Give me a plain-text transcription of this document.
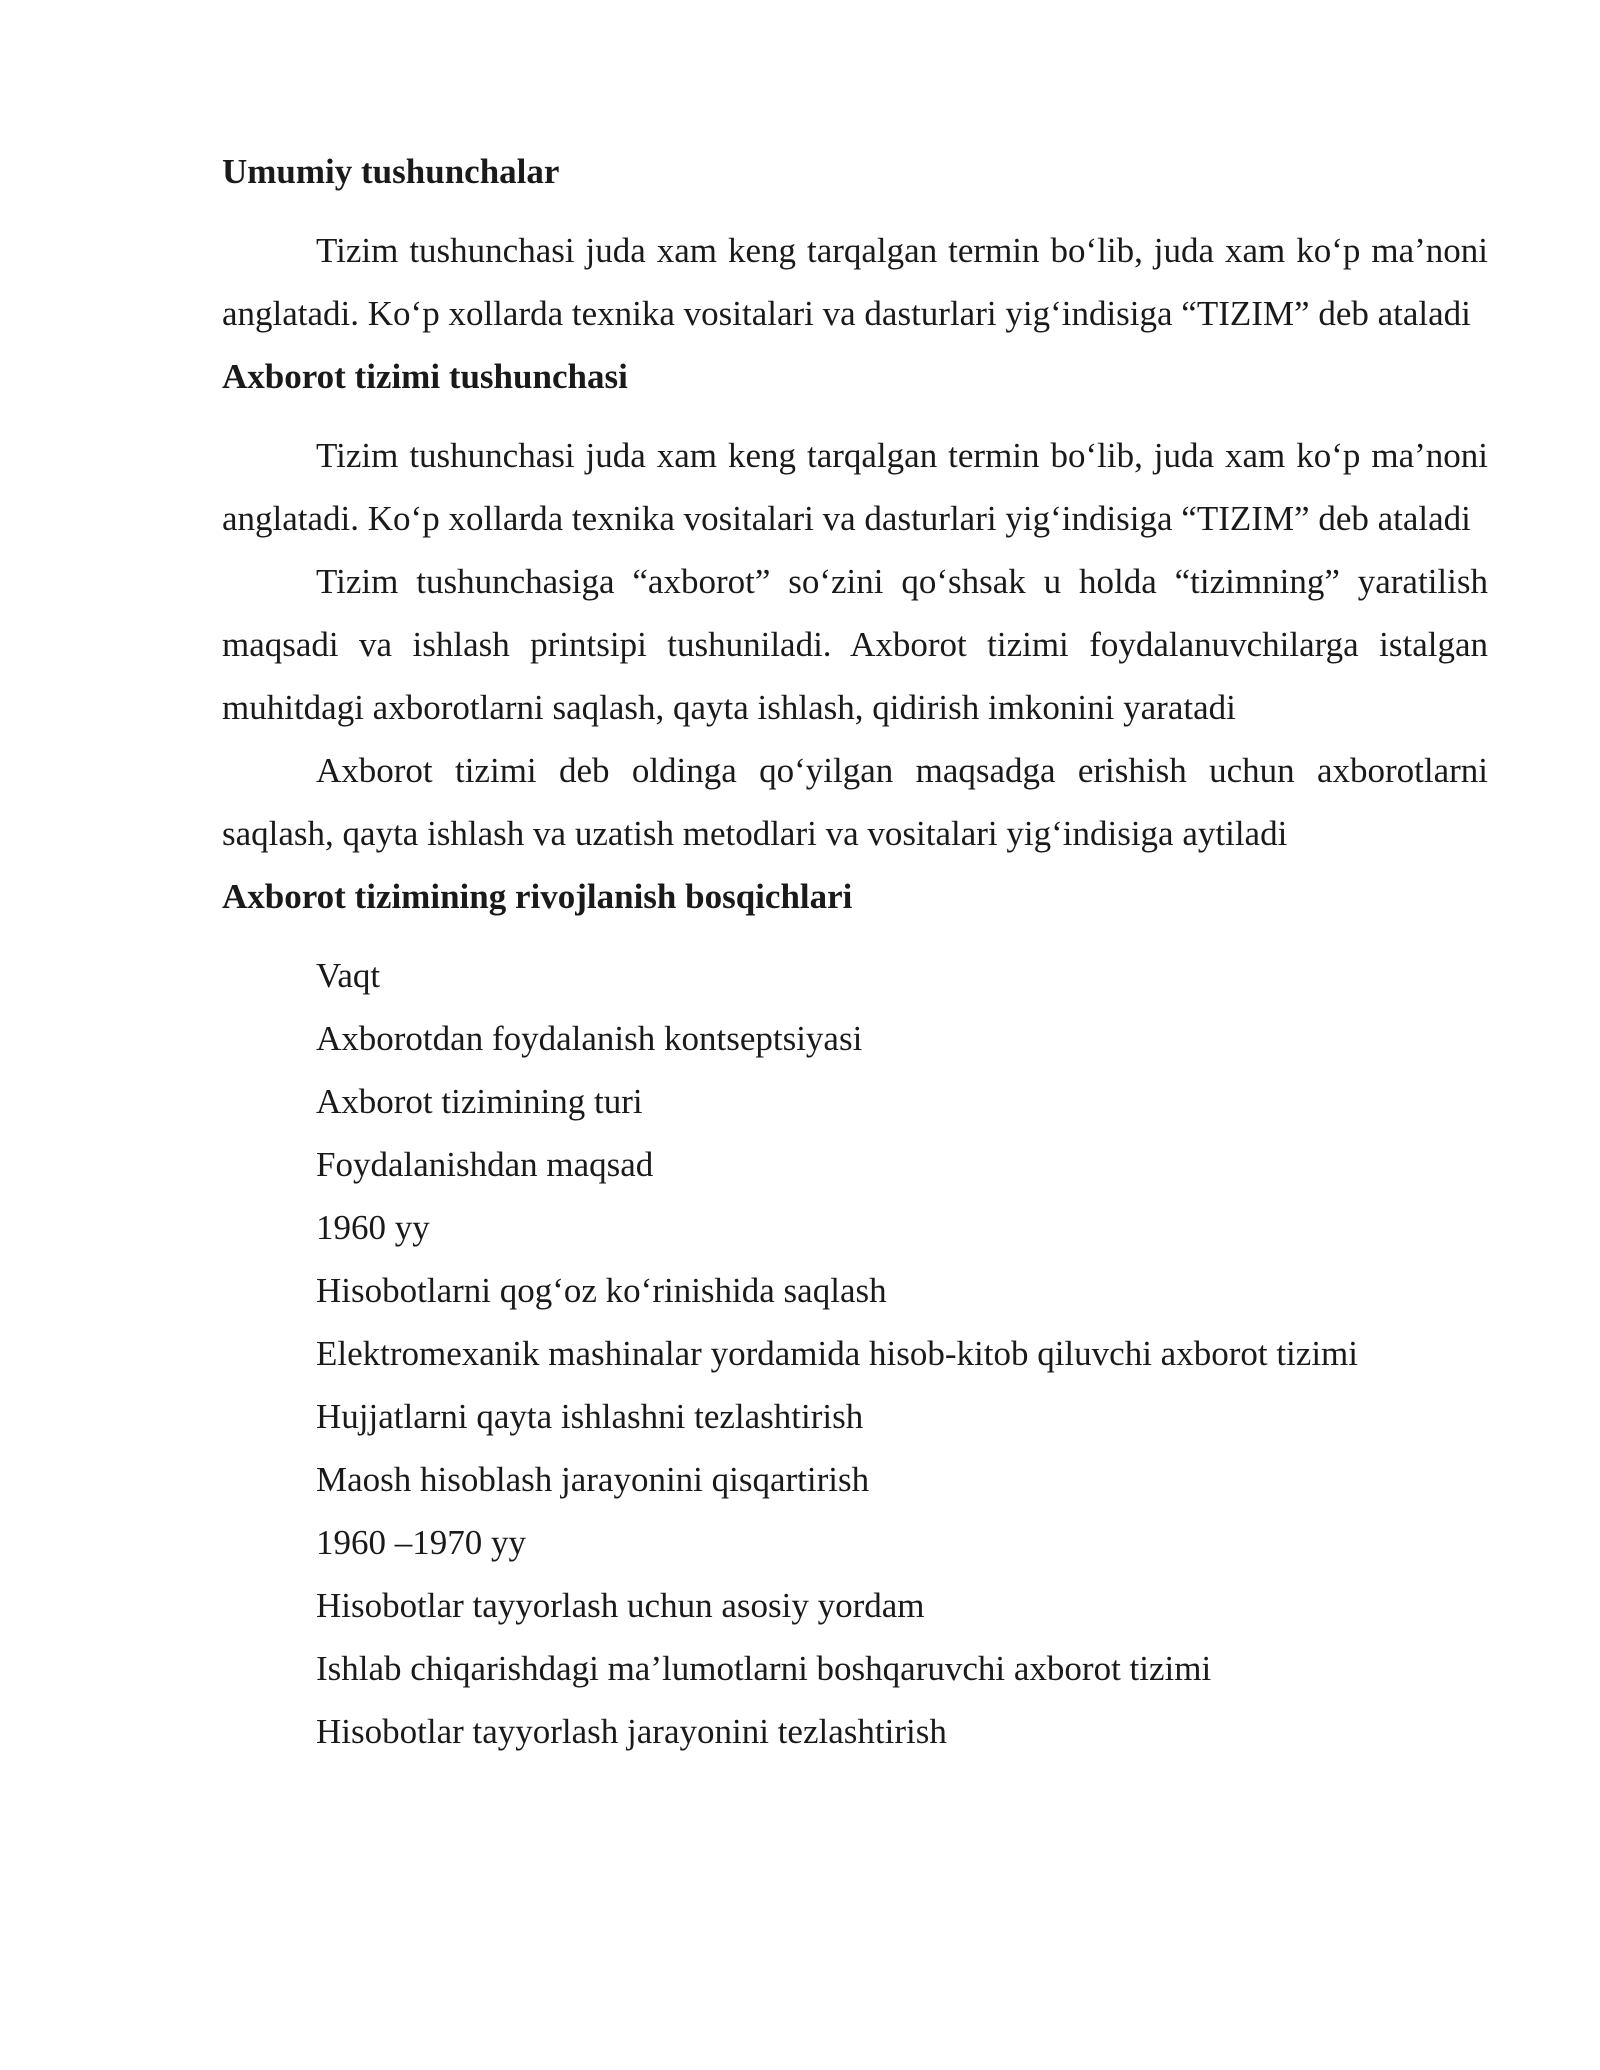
Umumiy tushunchalar

Tizim tushunchasi juda xam keng tarqalgan termin bo‘lib, juda xam ko‘p ma’noni anglatadi. Ko‘p xollarda texnika vositalari va dasturlari yig‘indisiga “TIZIM” deb ataladi

Axborot tizimi tushunchasi

Tizim tushunchasi juda xam keng tarqalgan termin bo‘lib, juda xam ko‘p ma’noni anglatadi. Ko‘p xollarda texnika vositalari va dasturlari yig‘indisiga “TIZIM” deb ataladi

Tizim tushunchasiga “axborot” so‘zini qo‘shsak u holda “tizimning” yaratilish maqsadi va ishlash printsipi tushuniladi. Axborot tizimi foydalanuvchilarga istalgan muhitdagi axborotlarni saqlash, qayta ishlash, qidirish imkonini yaratadi

Axborot tizimi deb oldinga qo‘yilgan maqsadga erishish uchun axborotlarni saqlash, qayta ishlash va uzatish metodlari va vositalari yig‘indisiga aytiladi

Axborot tizimining rivojlanish bosqichlari
Vaqt
Axborotdan foydalanish kontseptsiyasi
Axborot tizimining turi
Foydalanishdan maqsad
1960 yy
Hisobotlarni qog‘oz ko‘rinishida saqlash
Elektromexanik mashinalar yordamida hisob-kitob qiluvchi axborot tizimi
Hujjatlarni qayta ishlashni tezlashtirish
Maosh hisoblash jarayonini qisqartirish
1960 –1970 yy
Hisobotlar tayyorlash uchun asosiy yordam
Ishlab chiqarishdagi ma’lumotlarni boshqaruvchi axborot tizimi
Hisobotlar tayyorlash jarayonini tezlashtirish
